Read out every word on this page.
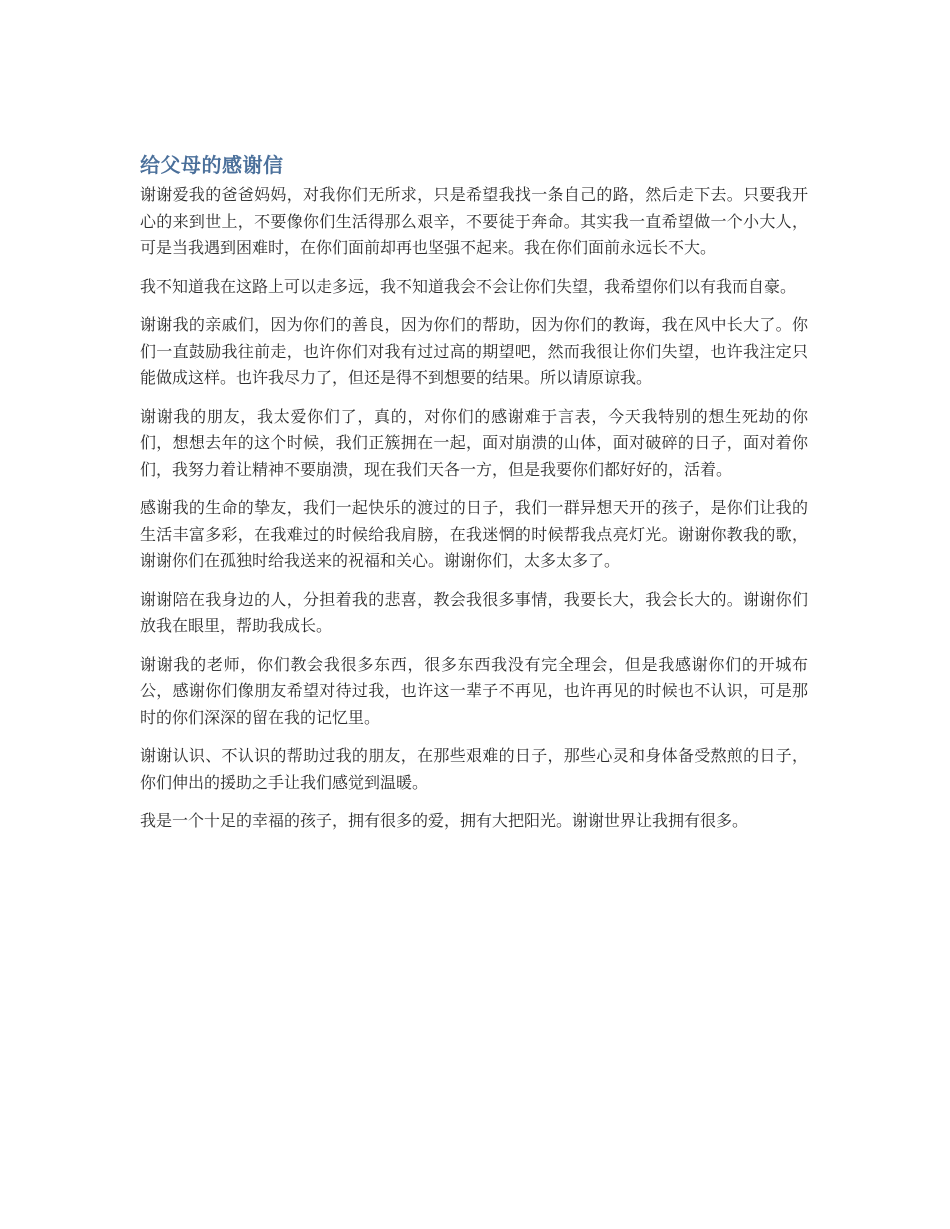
给父母的感谢信

谢谢爱我的爸爸妈妈，对我你们无所求，只是希望我找一条自己的路，然后走下去。只要我开心的来到世上，不要像你们生活得那么艰辛，不要徒于奔命。其实我一直希望做一个小大人，可是当我遇到困难时，在你们面前却再也坚强不起来。我在你们面前永远长不大。

我不知道我在这路上可以走多远，我不知道我会不会让你们失望，我希望你们以有我而自豪。

谢谢我的亲戚们，因为你们的善良，因为你们的帮助，因为你们的教诲，我在风中长大了。你们一直鼓励我往前走，也许你们对我有过过高的期望吧，然而我很让你们失望，也许我注定只能做成这样。也许我尽力了，但还是得不到想要的结果。所以请原谅我。

谢谢我的朋友，我太爱你们了，真的，对你们的感谢难于言表，今天我特别的想生死劫的你们，想想去年的这个时候，我们正簇拥在一起，面对崩溃的山体，面对破碎的日子，面对着你们，我努力着让精神不要崩溃，现在我们天各一方，但是我要你们都好好的，活着。

感谢我的生命的挚友，我们一起快乐的渡过的日子，我们一群异想天开的孩子，是你们让我的生活丰富多彩，在我难过的时候给我肩膀，在我迷惘的时候帮我点亮灯光。谢谢你教我的歌，谢谢你们在孤独时给我送来的祝福和关心。谢谢你们，太多太多了。

谢谢陪在我身边的人，分担着我的悲喜，教会我很多事情，我要长大，我会长大的。谢谢你们放我在眼里，帮助我成长。

谢谢我的老师，你们教会我很多东西，很多东西我没有完全理会，但是我感谢你们的开城布公，感谢你们像朋友希望对待过我，也许这一辈子不再见，也许再见的时候也不认识，可是那时的你们深深的留在我的记忆里。

谢谢认识、不认识的帮助过我的朋友，在那些艰难的日子，那些心灵和身体备受熬煎的日子，你们伸出的援助之手让我们感觉到温暖。

我是一个十足的幸福的孩子，拥有很多的爱，拥有大把阳光。谢谢世界让我拥有很多。
